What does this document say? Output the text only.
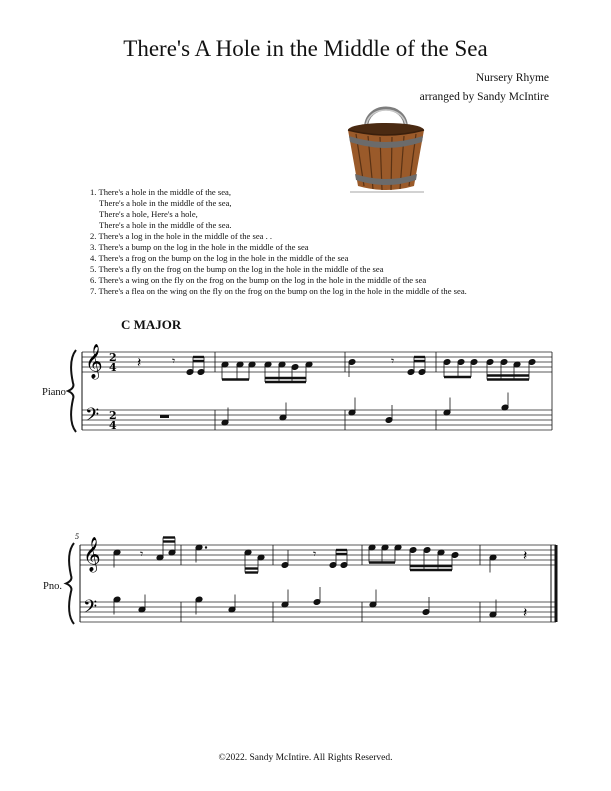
There's A Hole in the Middle of the Sea
Nursery Rhyme
arranged by Sandy McIntire
1. There's a hole in the middle of the sea,
There's a hole in the middle of the sea,
There's a hole, Here's a hole,
There's a hole in the middle of the sea.
2. There's a log in the hole in the middle of the sea . .
3. There's a bump on the log in the hole in the middle of the sea
4. There's a frog on the bump on the log in the hole in the middle of the sea
5. There's a fly on the frog on the bump on the log in the hole in the middle of the sea
6. There's a wing on the fly on the frog on the bump on the log in the hole in the middle of the sea
7. There's a flea on the wing on the fly on the frog on the bump on the log in the hole in the middle of the sea.
C MAJOR
Piano
Pno.
𝄞
𝄢
2
4
2
4
𝄽	𝄾	𝄾
5
𝄞
𝄢
𝄾	𝄾	𝄽
𝄽
©2022. Sandy McIntire. All Rights Reserved.
